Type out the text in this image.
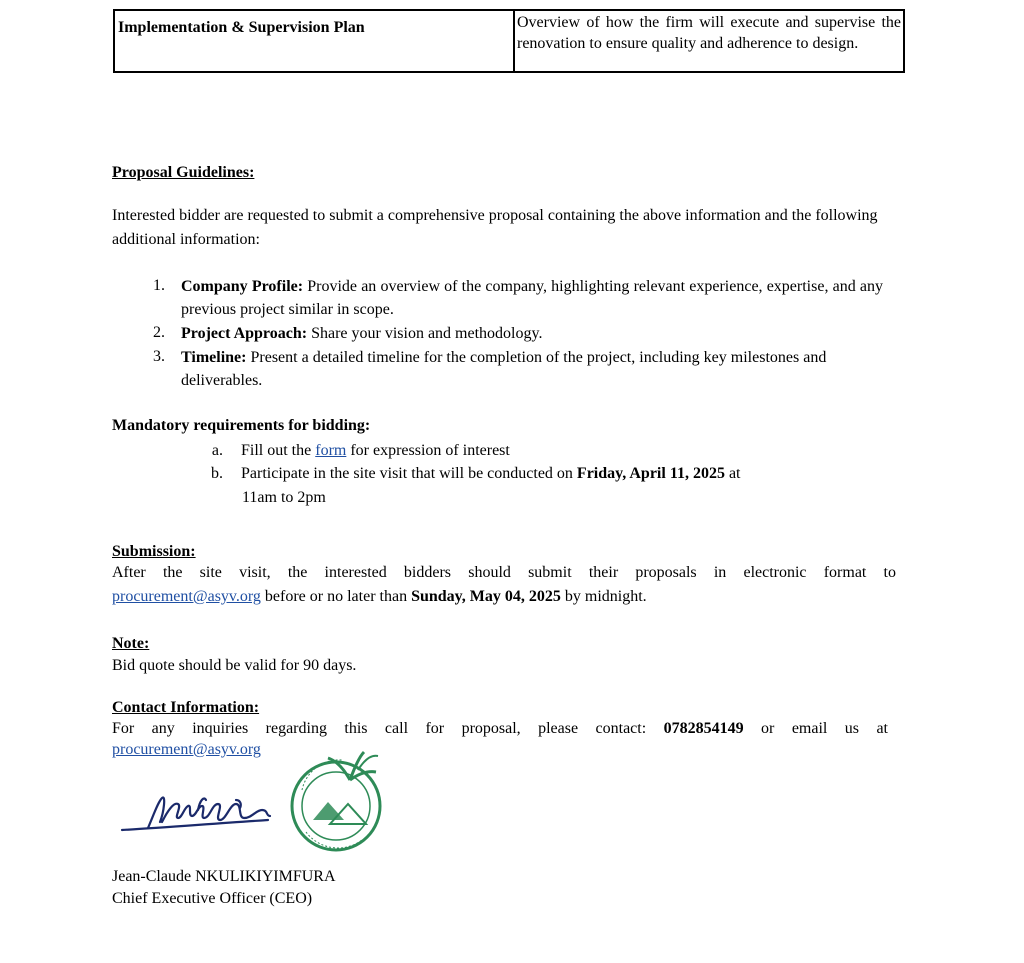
Implementation & Supervision Plan	Overview of how the firm will execute and supervise the renovation to ensure quality and adherence to design.
Proposal Guidelines:
Interested bidder are requested to submit a comprehensive proposal containing the above information and the following additional information:
1. Company Profile: Provide an overview of the company, highlighting relevant experience, expertise, and any previous project similar in scope.
2. Project Approach: Share your vision and methodology.
3. Timeline: Present a detailed timeline for the completion of the project, including key milestones and deliverables.
Mandatory requirements for bidding:
a. Fill out the form for expression of interest
b. Participate in the site visit that will be conducted on Friday, April 11, 2025 at
11am to 2pm
Submission:
After the site visit, the interested bidders should submit their proposals in electronic format to
procurement@asyv.org before or no later than Sunday, May 04, 2025 by midnight.
Note:
Bid quote should be valid for 90 days.
Contact Information:
For any inquiries regarding this call for proposal, please contact: 0782854149 or email us at
procurement@asyv.org
Jean-Claude NKULIKIYIMFURA
Chief Executive Officer (CEO)
